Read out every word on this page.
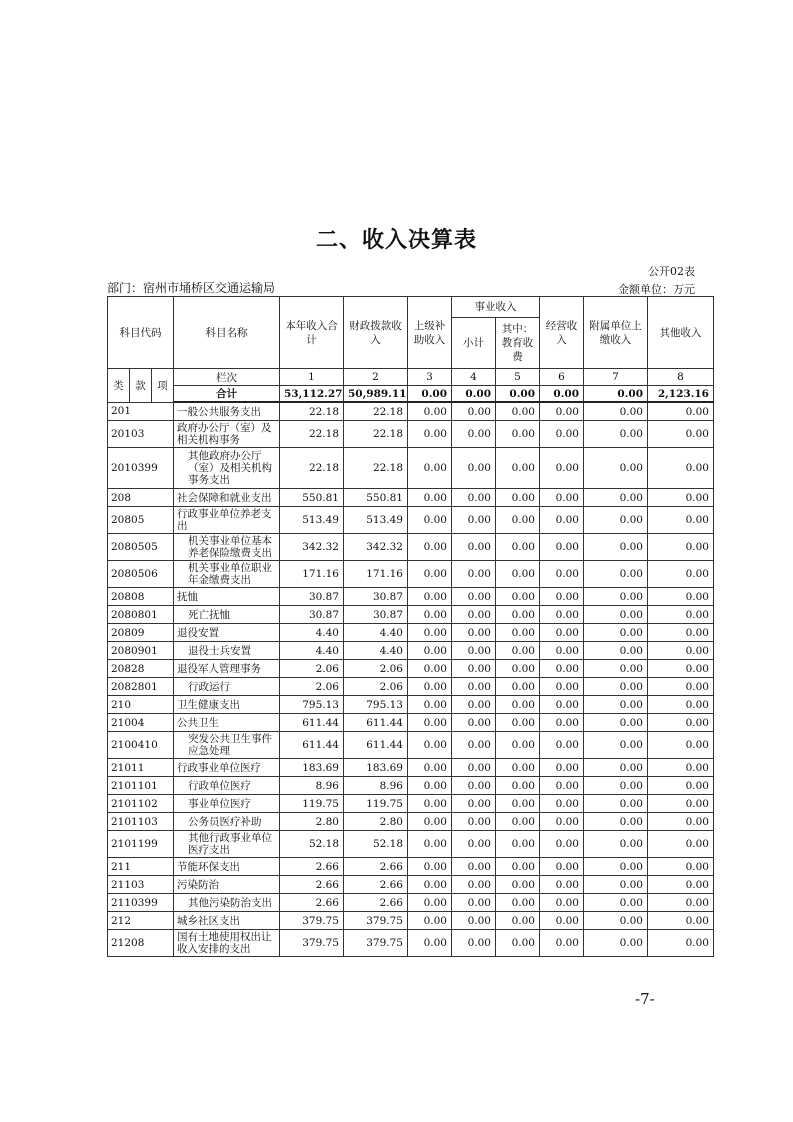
二、收入决算表
公开02表
部门：宿州市埇桥区交通运输局	金额单位：万元
科目代码			科目名称	本年收入合计	财政拨款收入	上级补助收入	事业收入		经营收入	附属单位上缴收入	其他收入
							小计	其中：教育收费			
类	款	项	栏次	1	2	3	4	5	6	7	8
			合计	53,112.27	50,989.11	0.00	0.00	0.00	0.00	0.00	2,123.16
201			一般公共服务支出	22.18	22.18	0.00	0.00	0.00	0.00	0.00	0.00
20103			政府办公厅（室）及相关机构事务	22.18	22.18	0.00	0.00	0.00	0.00	0.00	0.00
2010399			其他政府办公厅（室）及相关机构事务支出	22.18	22.18	0.00	0.00	0.00	0.00	0.00	0.00
208			社会保障和就业支出	550.81	550.81	0.00	0.00	0.00	0.00	0.00	0.00
20805			行政事业单位养老支出	513.49	513.49	0.00	0.00	0.00	0.00	0.00	0.00
2080505			机关事业单位基本养老保险缴费支出	342.32	342.32	0.00	0.00	0.00	0.00	0.00	0.00
2080506			机关事业单位职业年金缴费支出	171.16	171.16	0.00	0.00	0.00	0.00	0.00	0.00
20808			抚恤	30.87	30.87	0.00	0.00	0.00	0.00	0.00	0.00
2080801			死亡抚恤	30.87	30.87	0.00	0.00	0.00	0.00	0.00	0.00
20809			退役安置	4.40	4.40	0.00	0.00	0.00	0.00	0.00	0.00
2080901			退役士兵安置	4.40	4.40	0.00	0.00	0.00	0.00	0.00	0.00
20828			退役军人管理事务	2.06	2.06	0.00	0.00	0.00	0.00	0.00	0.00
2082801			行政运行	2.06	2.06	0.00	0.00	0.00	0.00	0.00	0.00
210			卫生健康支出	795.13	795.13	0.00	0.00	0.00	0.00	0.00	0.00
21004			公共卫生	611.44	611.44	0.00	0.00	0.00	0.00	0.00	0.00
2100410			突发公共卫生事件应急处理	611.44	611.44	0.00	0.00	0.00	0.00	0.00	0.00
21011			行政事业单位医疗	183.69	183.69	0.00	0.00	0.00	0.00	0.00	0.00
2101101			行政单位医疗	8.96	8.96	0.00	0.00	0.00	0.00	0.00	0.00
2101102			事业单位医疗	119.75	119.75	0.00	0.00	0.00	0.00	0.00	0.00
2101103			公务员医疗补助	2.80	2.80	0.00	0.00	0.00	0.00	0.00	0.00
2101199			其他行政事业单位医疗支出	52.18	52.18	0.00	0.00	0.00	0.00	0.00	0.00
211			节能环保支出	2.66	2.66	0.00	0.00	0.00	0.00	0.00	0.00
21103			污染防治	2.66	2.66	0.00	0.00	0.00	0.00	0.00	0.00
2110399			其他污染防治支出	2.66	2.66	0.00	0.00	0.00	0.00	0.00	0.00
212			城乡社区支出	379.75	379.75	0.00	0.00	0.00	0.00	0.00	0.00
21208			国有土地使用权出让收入安排的支出	379.75	379.75	0.00	0.00	0.00	0.00	0.00	0.00
-7-
